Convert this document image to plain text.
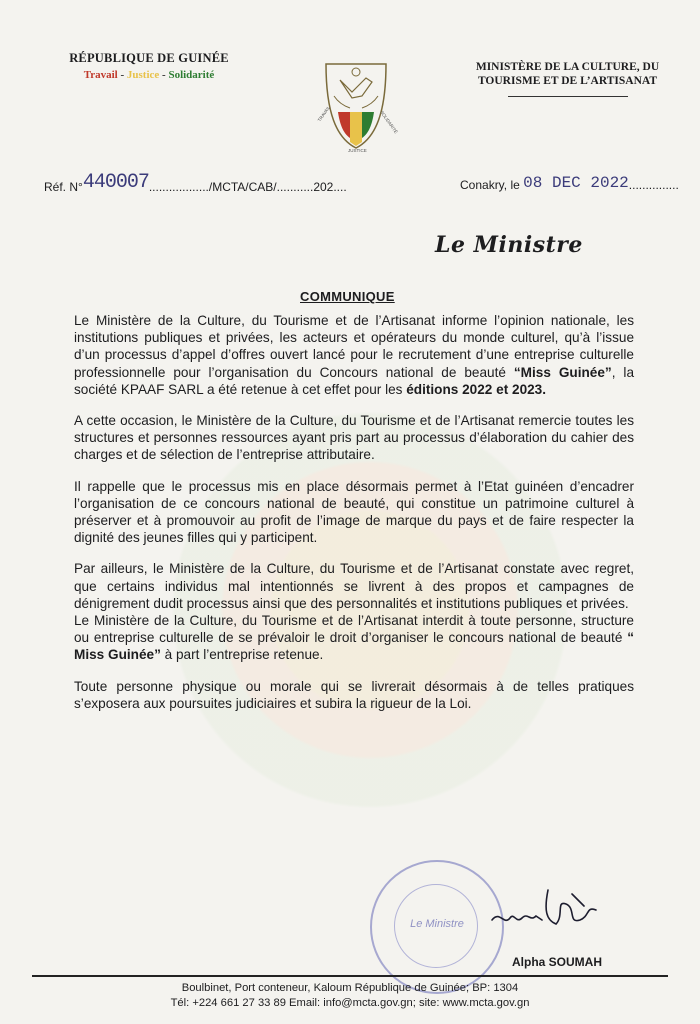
RÉPUBLIQUE DE GUINÉE
Travail - Justice - Solidarité
TRAVAIL
JUSTICE
SOLIDARITÉ
MINISTÈRE DE LA CULTURE, DU
TOURISME ET DE L’ARTISANAT
Réf. N°440007................../MCTA/CAB/...........202....	Conakry, le 08 DEC 2022...............
Le Ministre
COMMUNIQUE

Le Ministère de la Culture, du Tourisme et de l’Artisanat informe l’opinion nationale, les institutions publiques et privées, les acteurs et opérateurs du monde culturel, qu’à l’issue d’un processus d’appel d’offres ouvert lancé pour le recrutement d’une entreprise culturelle professionnelle pour l’organisation du Concours national de beauté “Miss Guinée”, la société KPAAF SARL a été retenue à cet effet pour les éditions 2022 et 2023.

A cette occasion, le Ministère de la Culture, du Tourisme et de l’Artisanat remercie toutes les structures et personnes ressources ayant pris part au processus d’élaboration du cahier des charges et de sélection de l’entreprise attributaire.

Il rappelle que le processus mis en place désormais permet à l’Etat guinéen d’encadrer l’organisation de ce concours national de beauté, qui constitue un patrimoine culturel à préserver et à promouvoir au profit de l’image de marque du pays et de faire respecter la dignité des jeunes filles qui y participent.

Par ailleurs, le Ministère de la Culture, du Tourisme et de l’Artisanat constate avec regret, que certains individus mal intentionnés se livrent à des propos et campagnes de dénigrement dudit processus ainsi que des personnalités et institutions publiques et privées.

Le Ministère de la Culture, du Tourisme et de l’Artisanat interdit à toute personne, structure ou entreprise culturelle de se prévaloir le droit d’organiser le concours national de beauté “ Miss Guinée” à part l’entreprise retenue.

Toute personne physique ou morale qui se livrerait désormais à de telles pratiques s’exposera aux poursuites judiciaires et subira la rigueur de la Loi.

Le Ministre
Alpha SOUMAH
Boulbinet, Port conteneur, Kaloum République de Guinée; BP: 1304
Tél: +224 661 27 33 89 Email: info@mcta.gov.gn; site: www.mcta.gov.gn
